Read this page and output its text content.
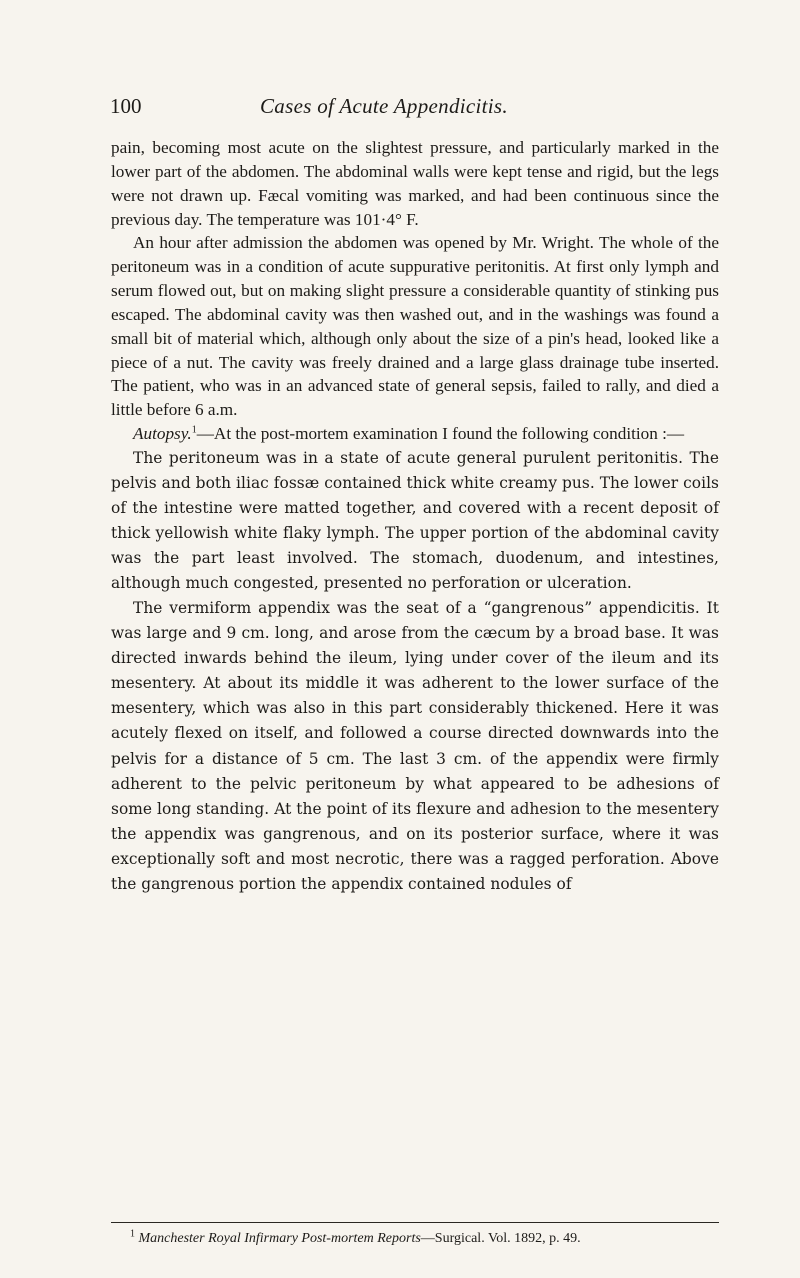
100	Cases of Acute Appendicitis.

pain, becoming most acute on the slightest pressure, and particularly marked in the lower part of the abdomen. The abdominal walls were kept tense and rigid, but the legs were not drawn up. Fæcal vomiting was marked, and had been continuous since the previous day. The temperature was 101·4° F.

An hour after admission the abdomen was opened by Mr. Wright. The whole of the peritoneum was in a condition of acute suppurative peritonitis. At first only lymph and serum flowed out, but on making slight pressure a considerable quantity of stinking pus escaped. The abdominal cavity was then washed out, and in the washings was found a small bit of material which, although only about the size of a pin's head, looked like a piece of a nut. The cavity was freely drained and a large glass drainage tube inserted. The patient, who was in an advanced state of general sepsis, failed to rally, and died a little before 6 a.m.

Autopsy.$^1$—At the post-mortem examination I found the following condition :—

The peritoneum was in a state of acute general purulent peritonitis. The pelvis and both iliac fossæ contained thick white creamy pus. The lower coils of the intestine were matted together, and covered with a recent deposit of thick yellowish white flaky lymph. The upper portion of the abdominal cavity was the part least involved. The stomach, duodenum, and intestines, although much congested, presented no perforation or ulceration.

The vermiform appendix was the seat of a “gangrenous” appendicitis. It was large and 9 cm. long, and arose from the cæcum by a broad base. It was directed inwards behind the ileum, lying under cover of the ileum and its mesentery. At about its middle it was adherent to the lower surface of the mesentery, which was also in this part considerably thickened. Here it was acutely flexed on itself, and followed a course directed downwards into the pelvis for a distance of 5 cm. The last 3 cm. of the appendix were firmly adherent to the pelvic peritoneum by what appeared to be adhesions of some long standing. At the point of its flexure and adhesion to the mesentery the appendix was gangrenous, and on its posterior surface, where it was exceptionally soft and most necrotic, there was a ragged perforation. Above the gangrenous portion the appendix contained nodules of

$^1$ Manchester Royal Infirmary Post-mortem Reports—Surgical. Vol. 1892, p. 49.
